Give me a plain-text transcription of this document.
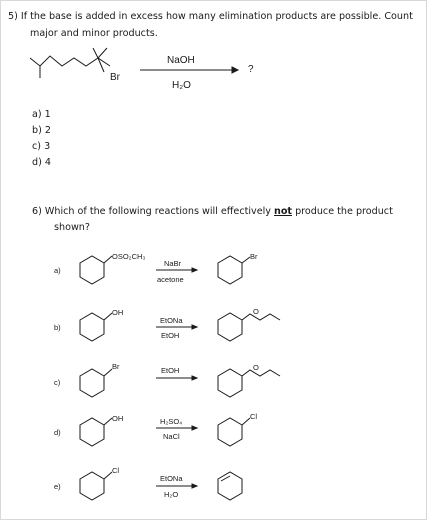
5) If the base is added in excess how many elimination products are possible. Count
major and minor products.
Br
NaOH
H₂O
?
a) 1
b) 2
c) 3
d) 4
6) Which of the following reactions will effectively not produce the product
shown?
a)
b)
c)
d)
e)
OSO₂CH₃
OH
Br
OH
Cl
NaBr
acetone
EtONa
EtOH
EtOH
H₂SO₄
NaCl
EtONa
H₂O
Br
O
O
Cl
